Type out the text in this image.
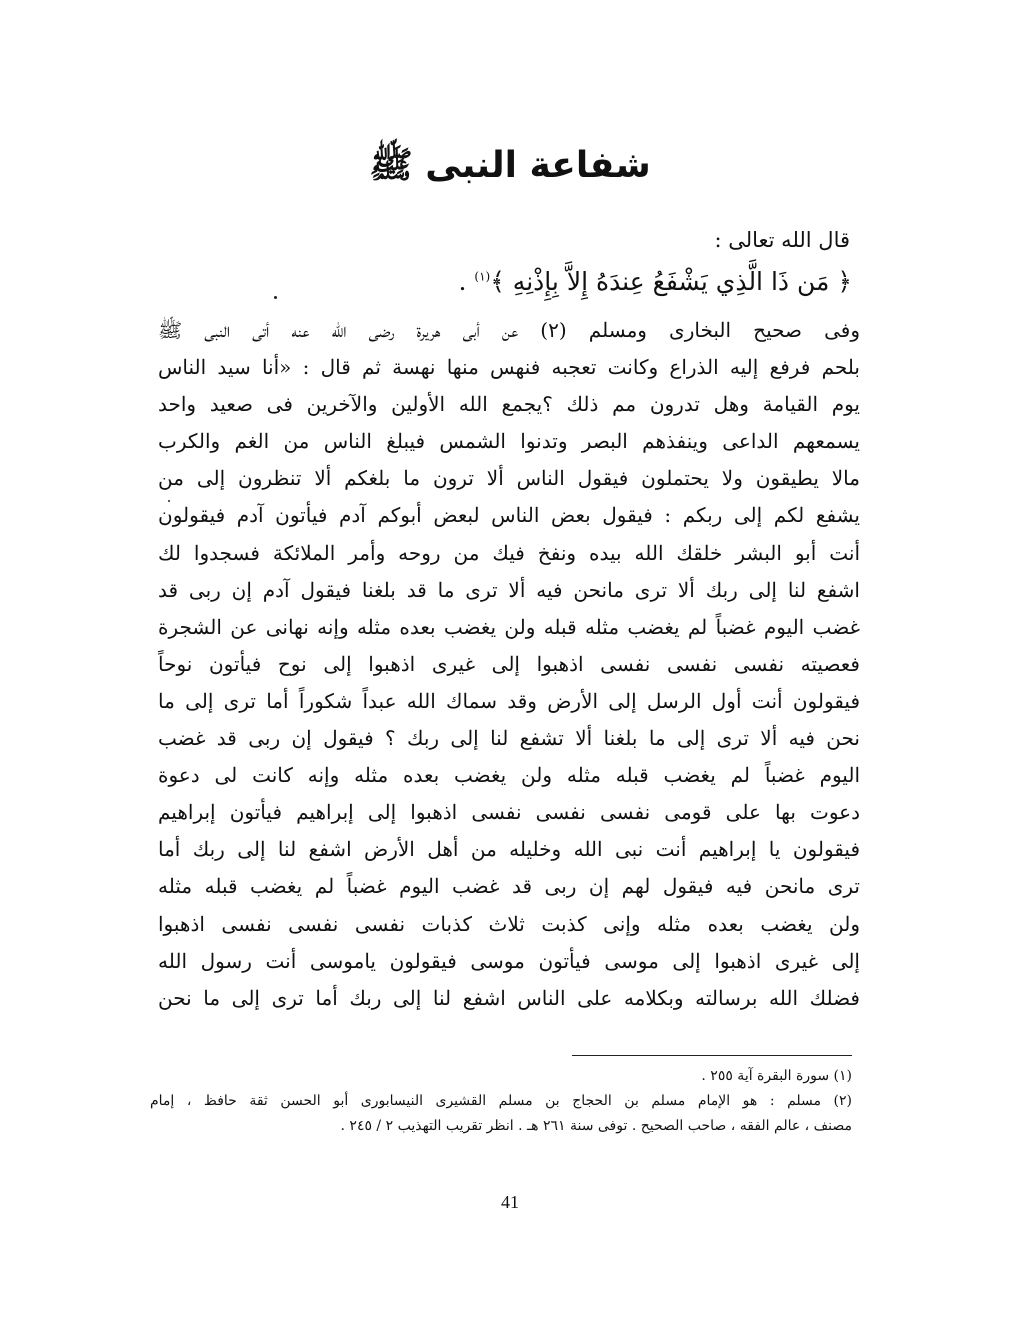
شفاعة النبى ﷺ
قال الله تعالى :
﴿ مَن ذَا الَّذِي يَشْفَعُ عِندَهُ إِلاَّ بِإِذْنِهِ ﴾$^{(١)}$ .
وفى صحيح البخارى ومسلم (٢) عن أبى هريرة رضى الله عنه أتى النبى ﷺ
بلحم فرفع إليه الذراع وكانت تعجبه فنهس منها نهسة ثم قال : «أنا سيد الناس
يوم القيامة وهل تدرون مم ذلك ؟يجمع الله الأولين والآخرين فى صعيد واحد
يسمعهم الداعى وينفذهم البصر وتدنوا الشمس فيبلغ الناس من الغم والكرب
مالا يطيقون ولا يحتملون فيقول الناس ألا ترون ما بلغكم ألا تنظرون إلى من
يشفع لكم إلى ربكم : فيقول بعض الناس لبعض أبوكم آدم فيأتون آدم فيقولون
أنت أبو البشر خلقك الله بيده ونفخ فيك من روحه وأمر الملائكة فسجدوا لك
اشفع لنا إلى ربك ألا ترى مانحن فيه ألا ترى ما قد بلغنا فيقول آدم إن ربى قد
غضب اليوم غضباً لم يغضب مثله قبله ولن يغضب بعده مثله وإنه نهانى عن الشجرة
فعصيته نفسى نفسى نفسى اذهبوا إلى غيرى اذهبوا إلى نوح فيأتون نوحاً
فيقولون أنت أول الرسل إلى الأرض وقد سماك الله عبداً شكوراً أما ترى إلى ما
نحن فيه ألا ترى إلى ما بلغنا ألا تشفع لنا إلى ربك ؟ فيقول إن ربى قد غضب
اليوم غضباً لم يغضب قبله مثله ولن يغضب بعده مثله وإنه كانت لى دعوة
دعوت بها على قومى نفسى نفسى نفسى اذهبوا إلى إبراهيم فيأتون إبراهيم
فيقولون يا إبراهيم أنت نبى الله وخليله من أهل الأرض اشفع لنا إلى ربك أما
ترى مانحن فيه فيقول لهم إن ربى قد غضب اليوم غضباً لم يغضب قبله مثله
ولن يغضب بعده مثله وإنى كذبت ثلاث كذبات نفسى نفسى نفسى اذهبوا
إلى غيرى اذهبوا إلى موسى فيأتون موسى فيقولون ياموسى أنت رسول الله
فضلك الله برسالته وبكلامه على الناس اشفع لنا إلى ربك أما ترى إلى ما نحن
(١) سورة البقرة آية ٢٥٥ .
(٢) مسلم : هو الإمام مسلم بن الحجاج بن مسلم القشيرى النيسابورى أبو الحسن ثقة حافظ ، إمام
مصنف ، عالم الفقه ، صاحب الصحيح . توفى سنة ٢٦١ هـ . انظر تقريب التهذيب ٢ / ٢٤٥ .
41
